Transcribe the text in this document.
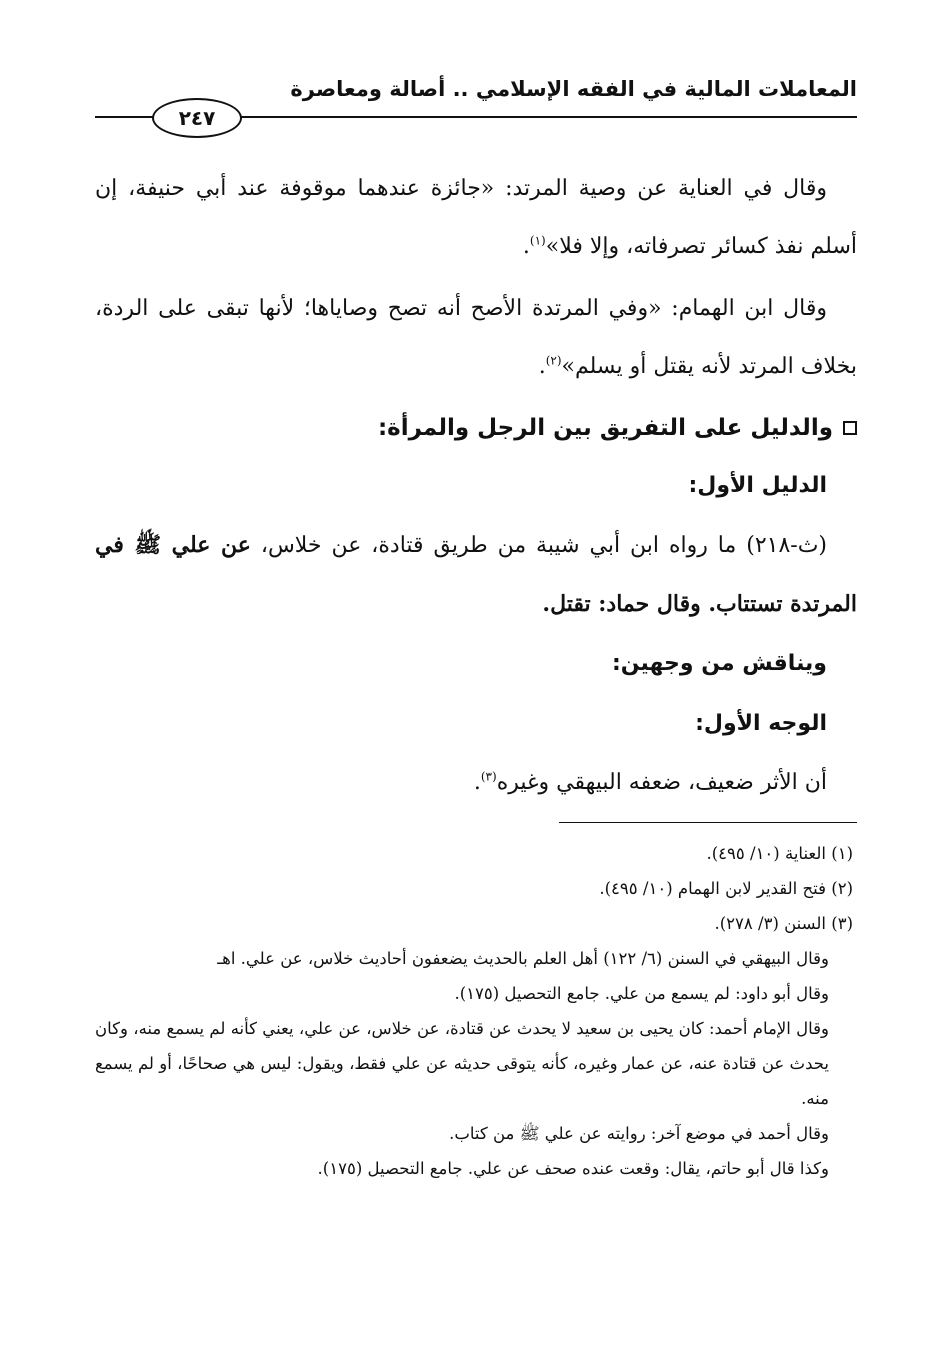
المعاملات المالية في الفقه الإسلامي .. أصالة ومعاصرة
٢٤٧

وقال في العناية عن وصية المرتد: «جائزة عندهما موقوفة عند أبي حنيفة، إن أسلم نفذ كسائر تصرفاته، وإلا فلا»$^{(١)}$.

وقال ابن الهمام: «وفي المرتدة الأصح أنه تصح وصاياها؛ لأنها تبقى على الردة، بخلاف المرتد لأنه يقتل أو يسلم»$^{(٢)}$.

والدليل على التفريق بين الرجل والمرأة:

الدليل الأول:

(ث-٢١٨) ما رواه ابن أبي شيبة من طريق قتادة، عن خلاس، عن علي ﷺ في المرتدة تستتاب. وقال حماد: تقتل.

ويناقش من وجهين:

الوجه الأول:

أن الأثر ضعيف، ضعفه البيهقي وغيره$^{(٣)}$.

(١) العناية (١٠/ ٤٩٥).

(٢) فتح القدير لابن الهمام (١٠/ ٤٩٥).

(٣) السنن (٣/ ٢٧٨).

وقال البيهقي في السنن (٦/ ١٢٢) أهل العلم بالحديث يضعفون أحاديث خلاس، عن علي. اهـ

وقال أبو داود: لم يسمع من علي. جامع التحصيل (١٧٥).

وقال الإمام أحمد: كان يحيى بن سعيد لا يحدث عن قتادة، عن خلاس، عن علي، يعني كأنه لم يسمع منه، وكان يحدث عن قتادة عنه، عن عمار وغيره، كأنه يتوقى حديثه عن علي فقط، ويقول: ليس هي صحاحًا، أو لم يسمع منه.

وقال أحمد في موضع آخر: روايته عن علي ﷺ من كتاب.

وكذا قال أبو حاتم، يقال: وقعت عنده صحف عن علي. جامع التحصيل (١٧٥).
